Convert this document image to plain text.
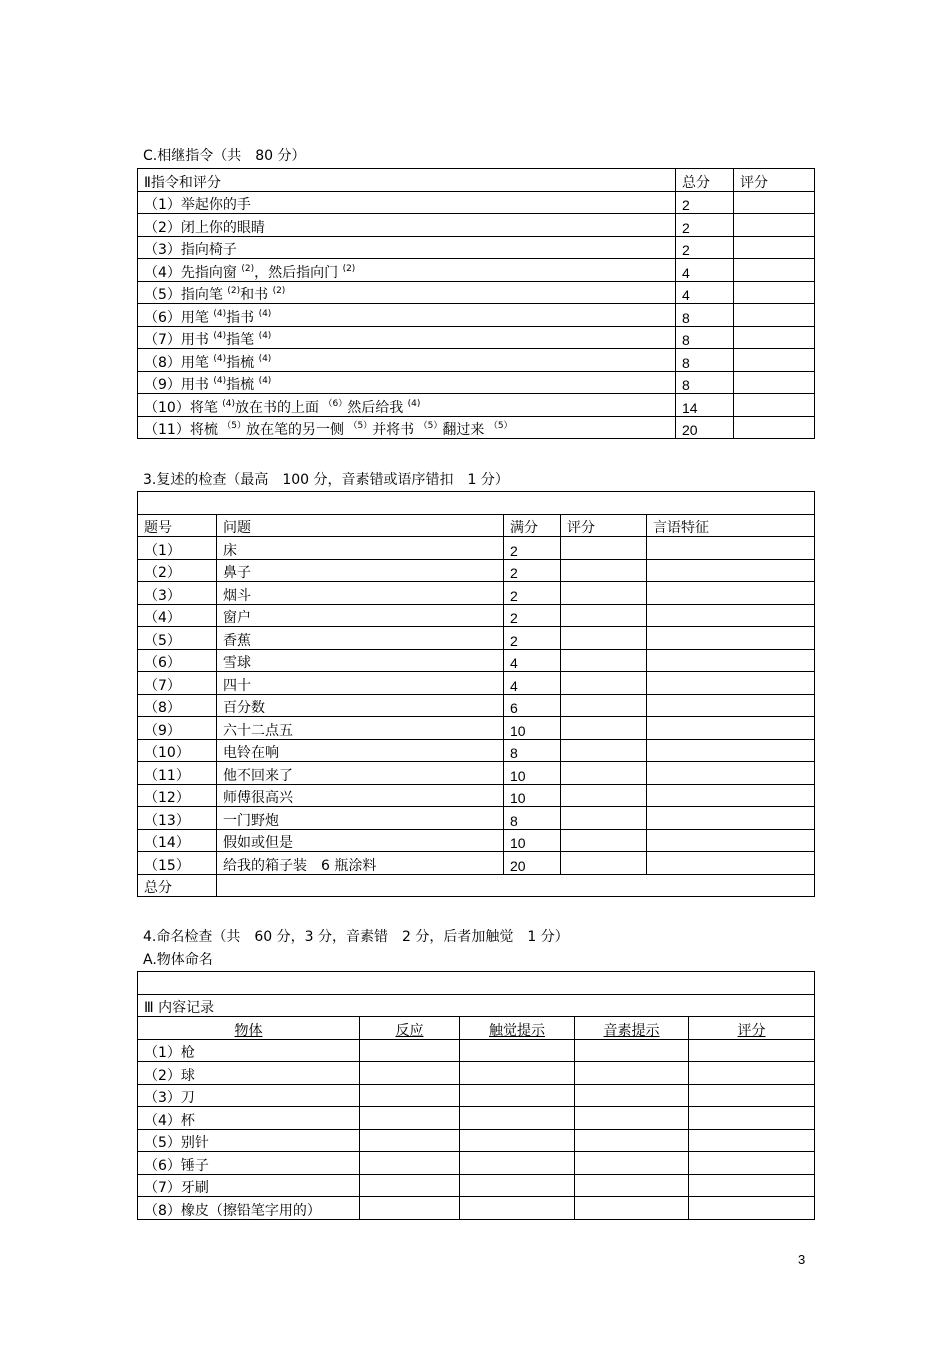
C.相继指令（共　80 分）
Ⅱ指令和评分	总分	评分
（1）举起你的手	2	
（2）闭上你的眼睛	2	
（3）指向椅子	2	
（4）先指向窗 $^{(2)}$，然后指向门 $^{(2)}$	4	
（5）指向笔 $^{(2)}$和书 $^{(2)}$	4	
（6）用笔 $^{(4)}$指书 $^{(4)}$	8	
（7）用书 $^{(4)}$指笔 $^{(4)}$	8	
（8）用笔 $^{(4)}$指梳 $^{(4)}$	8	
（9）用书 $^{(4)}$指梳 $^{(4)}$	8	
（10）将笔 $^{(4)}$放在书的上面 $^{(6)}$然后给我 $^{(4)}$	14	
（11）将梳 $^{(5)}$放在笔的另一侧 $^{(5)}$并将书 $^{(5)}$翻过来 $^{(5)}$	20	
3.复述的检查（最高　100 分，音素错或语序错扣　1 分）

题号	问题	满分	评分	言语特征
（1）	床	2		
（2）	鼻子	2		
（3）	烟斗	2		
（4）	窗户	2		
（5）	香蕉	2		
（6）	雪球	4		
（7）	四十	4		
（8）	百分数	6		
（9）	六十二点五	10		
（10）	电铃在响	8		
（11）	他不回来了	10		
（12）	师傅很高兴	10		
（13）	一门野炮	8		
（14）	假如或但是	10		
（15）	给我的箱子装　6 瓶涂料	20		
总分				
4.命名检查（共　60 分，3 分，音素错　2 分，后者加触觉　1 分）
A.物体命名

Ⅲ 内容记录				
物体	反应	触觉提示	音素提示	评分
（1）枪				
（2）球				
（3）刀				
（4）杯				
（5）别针				
（6）锤子				
（7）牙刷				
（8）橡皮（擦铅笔字用的）				
3
